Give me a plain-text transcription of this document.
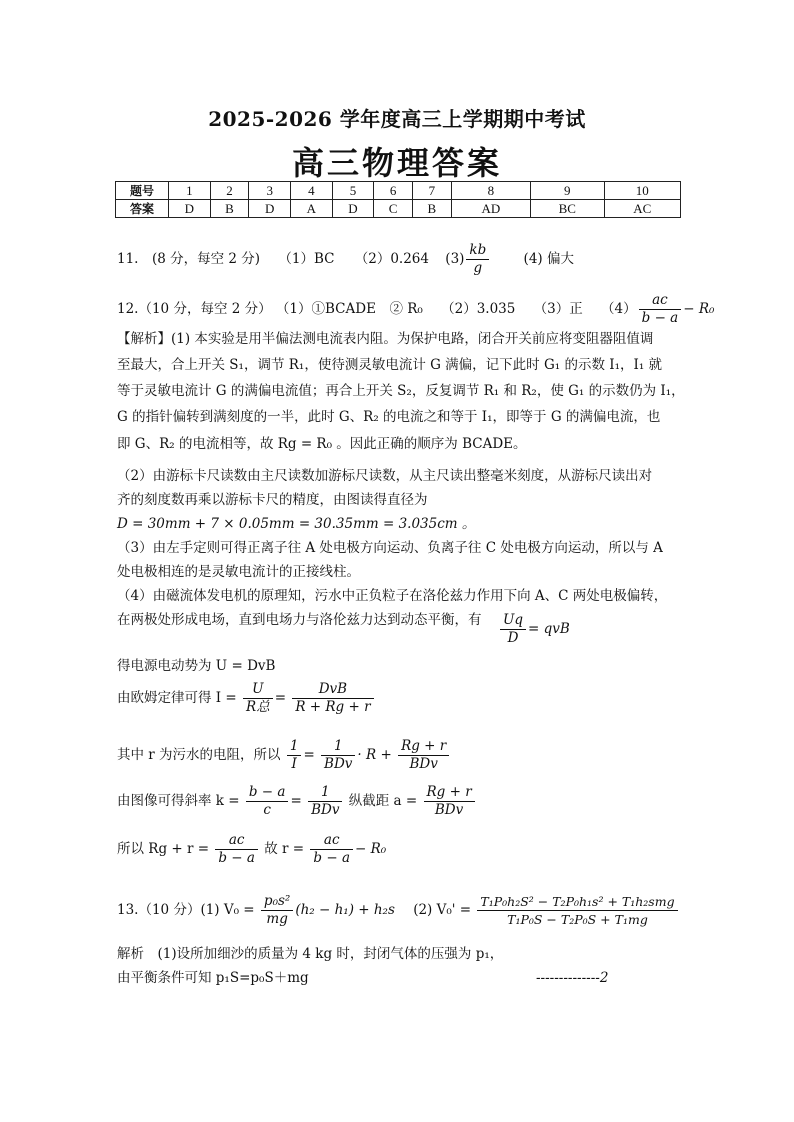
2025-2026 学年度高三上学期期中考试
高三物理答案
题号	1	2	3	4	5	6	7	8	9	10
答案	D	B	D	A	D	C	B	AD	BC	AC
11.　(8 分，每空 2 分) （1）BC （2）0.264 $(3) \frac{kb}{g}$	(4) 偏大
12.（10 分，每空 2 分） （1）①BCADE　② R₀ （2）3.035 （3）正 $(4) \frac{ac}{b - a} - R_0$
【解析】(1) 本实验是用半偏法测电流表内阻。为保护电路，闭合开关前应将变阻器阻值调
至最大，合上开关 S₁，调节 R₁，使待测灵敏电流计 G 满偏，记下此时 G₁ 的示数 I₁，I₁ 就
等于灵敏电流计 G 的满偏电流值；再合上开关 S₂，反复调节 R₁ 和 R₂，使 G₁ 的示数仍为 I₁，
G 的指针偏转到满刻度的一半，此时 G、R₂ 的电流之和等于 I₁，即等于 G 的满偏电流，也
即 G、R₂ 的电流相等，故 Rg = R₀ 。因此正确的顺序为 BCADE。
（2）由游标卡尺读数由主尺读数加游标尺读数，从主尺读出整毫米刻度，从游标尺读出对
齐的刻度数再乘以游标卡尺的精度，由图读得直径为
D = 30mm + 7 × 0.05mm = 30.35mm = 3.035cm 。
（3）由左手定则可得正离子往 A 处电极方向运动、负离子往 C 处电极方向运动，所以与 A
处电极相连的是灵敏电流计的正接线柱。
（4）由磁流体发电机的原理知，污水中正负粒子在洛伦兹力作用下向 A、C 两处电极偏转，
在两极处形成电场，直到电场力与洛伦兹力达到动态平衡，有 $\frac{Uq}{D}$ = qvB
得电源电动势为 U = DvB
由欧姆定律可得 $I = \frac{U}{\text{R总}} = \frac{\text{DvB}}{R + Rg + r}$
其中 r 为污水的电阻，所以 $\frac{1}{I} = \frac{1}{\text{BDv}} \cdot R + \frac{Rg + r}{\text{BDv}}$
由图像可得斜率 $k = \frac{b - a}{c} = \frac{1}{\text{BDv}}$ 纵截距 $a = \frac{Rg + r}{\text{BDv}}$
所以 $Rg + r = \frac{ac}{b - a}$ 故 $r = \frac{ac}{b - a} - R_0$
13.（10 分）(1) $V_0 = \frac{\text{p₀s²}}{mg} (h_2 - h_1) + h_2s$ (2) $V_0' = \frac{\text{T₁P₀h₂S² − T₂P₀h₁s² + T₁h₂smg}}{\text{T₁P₀S − T₂P₀S + T₁mg}}$
解析　(1)设所加细沙的质量为 4 kg 时，封闭气体的压强为 p₁，
由平衡条件可知 p₁S=p₀S＋mg	--------------2
